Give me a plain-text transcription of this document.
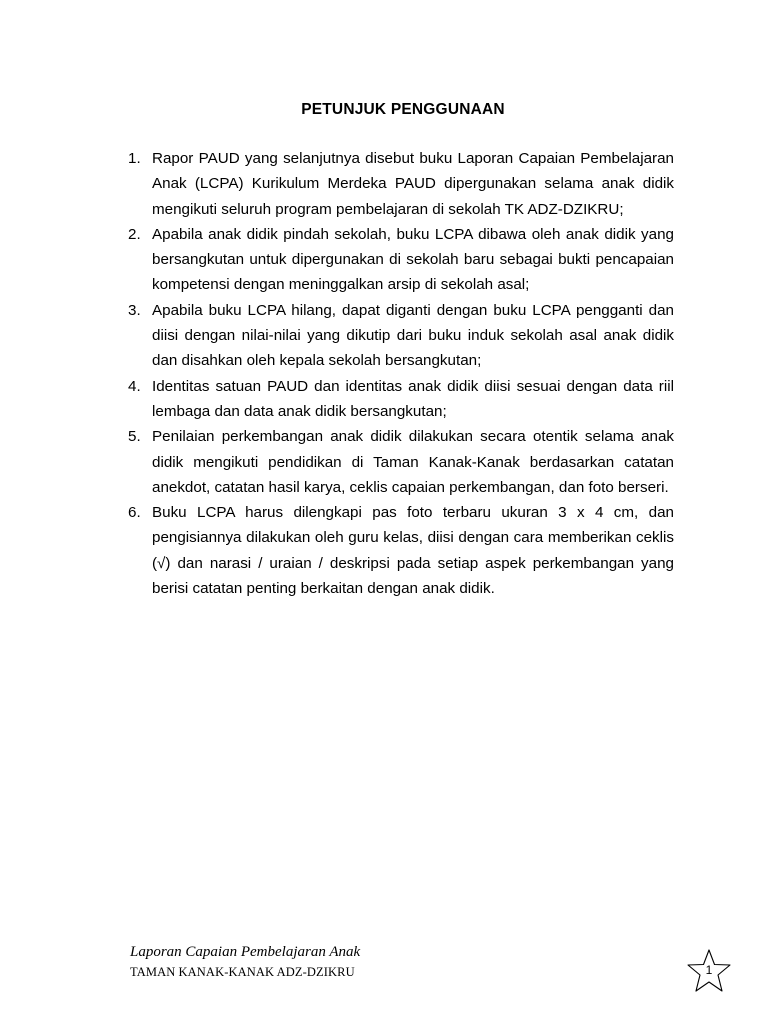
PETUNJUK PENGGUNAAN
1. Rapor PAUD yang selanjutnya disebut buku Laporan Capaian Pembelajaran Anak (LCPA) Kurikulum Merdeka PAUD dipergunakan selama anak didik mengikuti seluruh program pembelajaran di sekolah TK ADZ-DZIKRU;
2. Apabila anak didik pindah sekolah, buku LCPA dibawa oleh anak didik yang bersangkutan untuk dipergunakan di sekolah baru sebagai bukti pencapaian kompetensi dengan meninggalkan arsip di sekolah asal;
3. Apabila buku LCPA hilang, dapat diganti dengan buku LCPA pengganti dan diisi dengan nilai-nilai yang dikutip dari buku induk sekolah asal anak didik dan disahkan oleh kepala sekolah bersangkutan;
4. Identitas satuan PAUD dan identitas anak didik diisi sesuai dengan data riil lembaga dan data anak didik bersangkutan;
5. Penilaian perkembangan anak didik dilakukan secara otentik selama anak didik mengikuti pendidikan di Taman Kanak-Kanak berdasarkan catatan anekdot, catatan hasil karya, ceklis capaian perkembangan, dan foto berseri.
6. Buku LCPA harus dilengkapi pas foto terbaru ukuran 3 x 4 cm, dan pengisiannya dilakukan oleh guru kelas, diisi dengan cara memberikan ceklis (√) dan narasi / uraian / deskripsi pada setiap aspek perkembangan yang berisi catatan penting berkaitan dengan anak didik.
Laporan Capaian Pembelajaran Anak
TAMAN KANAK-KANAK ADZ-DZIKRU	1
